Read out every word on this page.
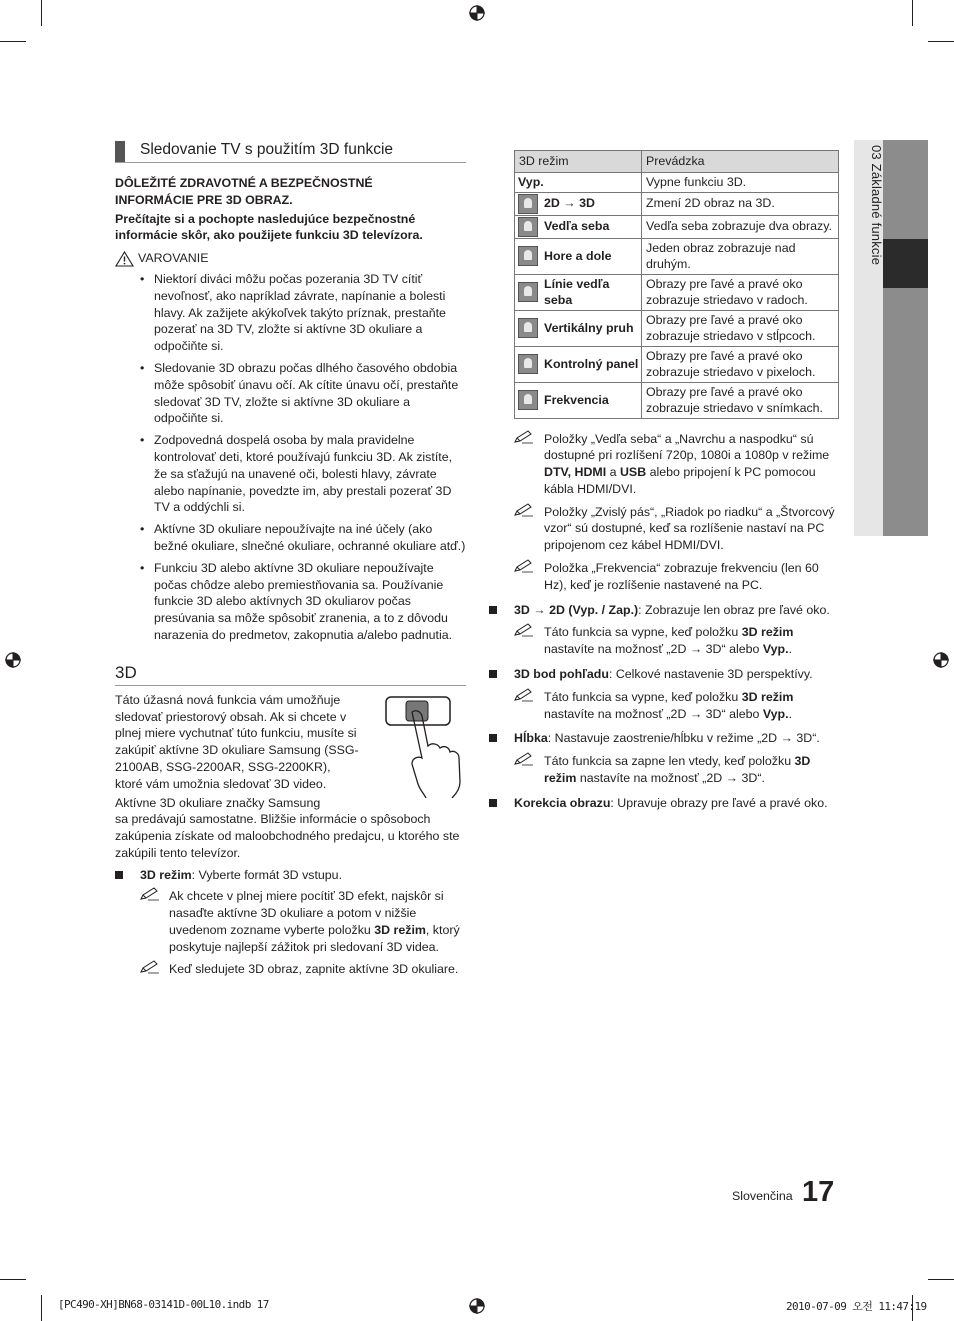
03 Základné funkcie
Sledovanie TV s použitím 3D funkcie

DÔLEŽITÉ ZDRAVOTNÉ A BEZPEČNOSTNÉ
INFORMÁCIE PRE 3D OBRAZ.

Prečítajte si a pochopte nasledujúce bezpečnostné informácie skôr, ako použijete funkciu 3D televízora.

VAROVANIE
• Niektorí diváci môžu počas pozerania 3D TV cítiť nevoľnosť, ako napríklad závrate, napínanie a bolesti hlavy. Ak zažijete akýkoľvek takýto príznak, prestaňte pozerať na 3D TV, zložte si aktívne 3D okuliare a odpočiňte si.
• Sledovanie 3D obrazu počas dlhého časového obdobia môže spôsobiť únavu očí. Ak cítite únavu očí, prestaňte sledovať 3D TV, zložte si aktívne 3D okuliare a odpočiňte si.
• Zodpovedná dospelá osoba by mala pravidelne kontrolovať deti, ktoré používajú funkciu 3D. Ak zistíte, že sa sťažujú na unavené oči, bolesti hlavy, závrate alebo napínanie, povedzte im, aby prestali pozerať 3D TV a oddýchli si.
• Aktívne 3D okuliare nepoužívajte na iné účely (ako bežné okuliare, slnečné okuliare, ochranné okuliare atď.)
• Funkciu 3D alebo aktívne 3D okuliare nepoužívajte počas chôdze alebo premiestňovania sa. Používanie funkcie 3D alebo aktívnych 3D okuliarov počas presúvania sa môže spôsobiť zranenia, a to z dôvodu narazenia do predmetov, zakopnutia a/alebo padnutia.
3D

Táto úžasná nová funkcia vám umožňuje sledovať priestorový obsah. Ak si chcete v plnej miere vychutnať túto funkciu, musíte si zakúpiť aktívne 3D okuliare Samsung (SSG-2100AB, SSG-2200AR, SSG-2200KR), ktoré vám umožnia sledovať 3D video.

Aktívne 3D okuliare značky Samsung

sa predávajú samostatne. Bližšie informácie o spôsoboch zakúpenia získate od maloobchodného predajcu, u ktorého ste zakúpili tento televízor.

3D režim: Vyberte formát 3D vstupu.
Ak chcete v plnej miere pocítiť 3D efekt, najskôr si nasaďte aktívne 3D okuliare a potom v nižšie uvedenom zozname vyberte položku 3D režim, ktorý poskytuje najlepší zážitok pri sledovaní 3D videa.
Keď sledujete 3D obraz, zapnite aktívne 3D okuliare.
3D režim	Prevádzka
Vyp.	Vypne funkciu 3D.

2D → 3D	Zmení 2D obraz na 3D.

Vedľa seba	Vedľa seba zobrazuje dva obrazy.

Hore a dole	Jeden obraz zobrazuje nad druhým.

Línie vedľa seba	Obrazy pre ľavé a pravé oko zobrazuje striedavo v radoch.

Vertikálny pruh	Obrazy pre ľavé a pravé oko zobrazuje striedavo v stĺpcoch.

Kontrolný panel	Obrazy pre ľavé a pravé oko zobrazuje striedavo v pixeloch.

Frekvencia	Obrazy pre ľavé a pravé oko zobrazuje striedavo v snímkach.
Položky „Vedľa seba“ a „Navrchu a naspodku“ sú dostupné pri rozlíšení 720p, 1080i a 1080p v režime DTV, HDMI a USB alebo pripojení k PC pomocou kábla HDMI/DVI.
Položky „Zvislý pás“, „Riadok po riadku“ a „Štvorcový vzor“ sú dostupné, keď sa rozlíšenie nastaví na PC pripojenom cez kábel HDMI/DVI.
Položka „Frekvencia“ zobrazuje frekvenciu (len 60 Hz), keď je rozlíšenie nastavené na PC.
3D → 2D (Vyp. / Zap.): Zobrazuje len obraz pre ľavé oko.
Táto funkcia sa vypne, keď položku 3D režim nastavíte na možnosť „2D → 3D“ alebo Vyp..
3D bod pohľadu: Celkové nastavenie 3D perspektívy.
Táto funkcia sa vypne, keď položku 3D režim nastavíte na možnosť „2D → 3D“ alebo Vyp..
Hĺbka: Nastavuje zaostrenie/hĺbku v režime „2D → 3D“.
Táto funkcia sa zapne len vtedy, keď položku 3D režim nastavíte na možnosť „2D → 3D“.
Korekcia obrazu: Upravuje obrazy pre ľavé a pravé oko.
Slovenčina 17
[PC490-XH]BN68-03141D-00L10.indb 17	2010-07-09 오전 11:47:19
